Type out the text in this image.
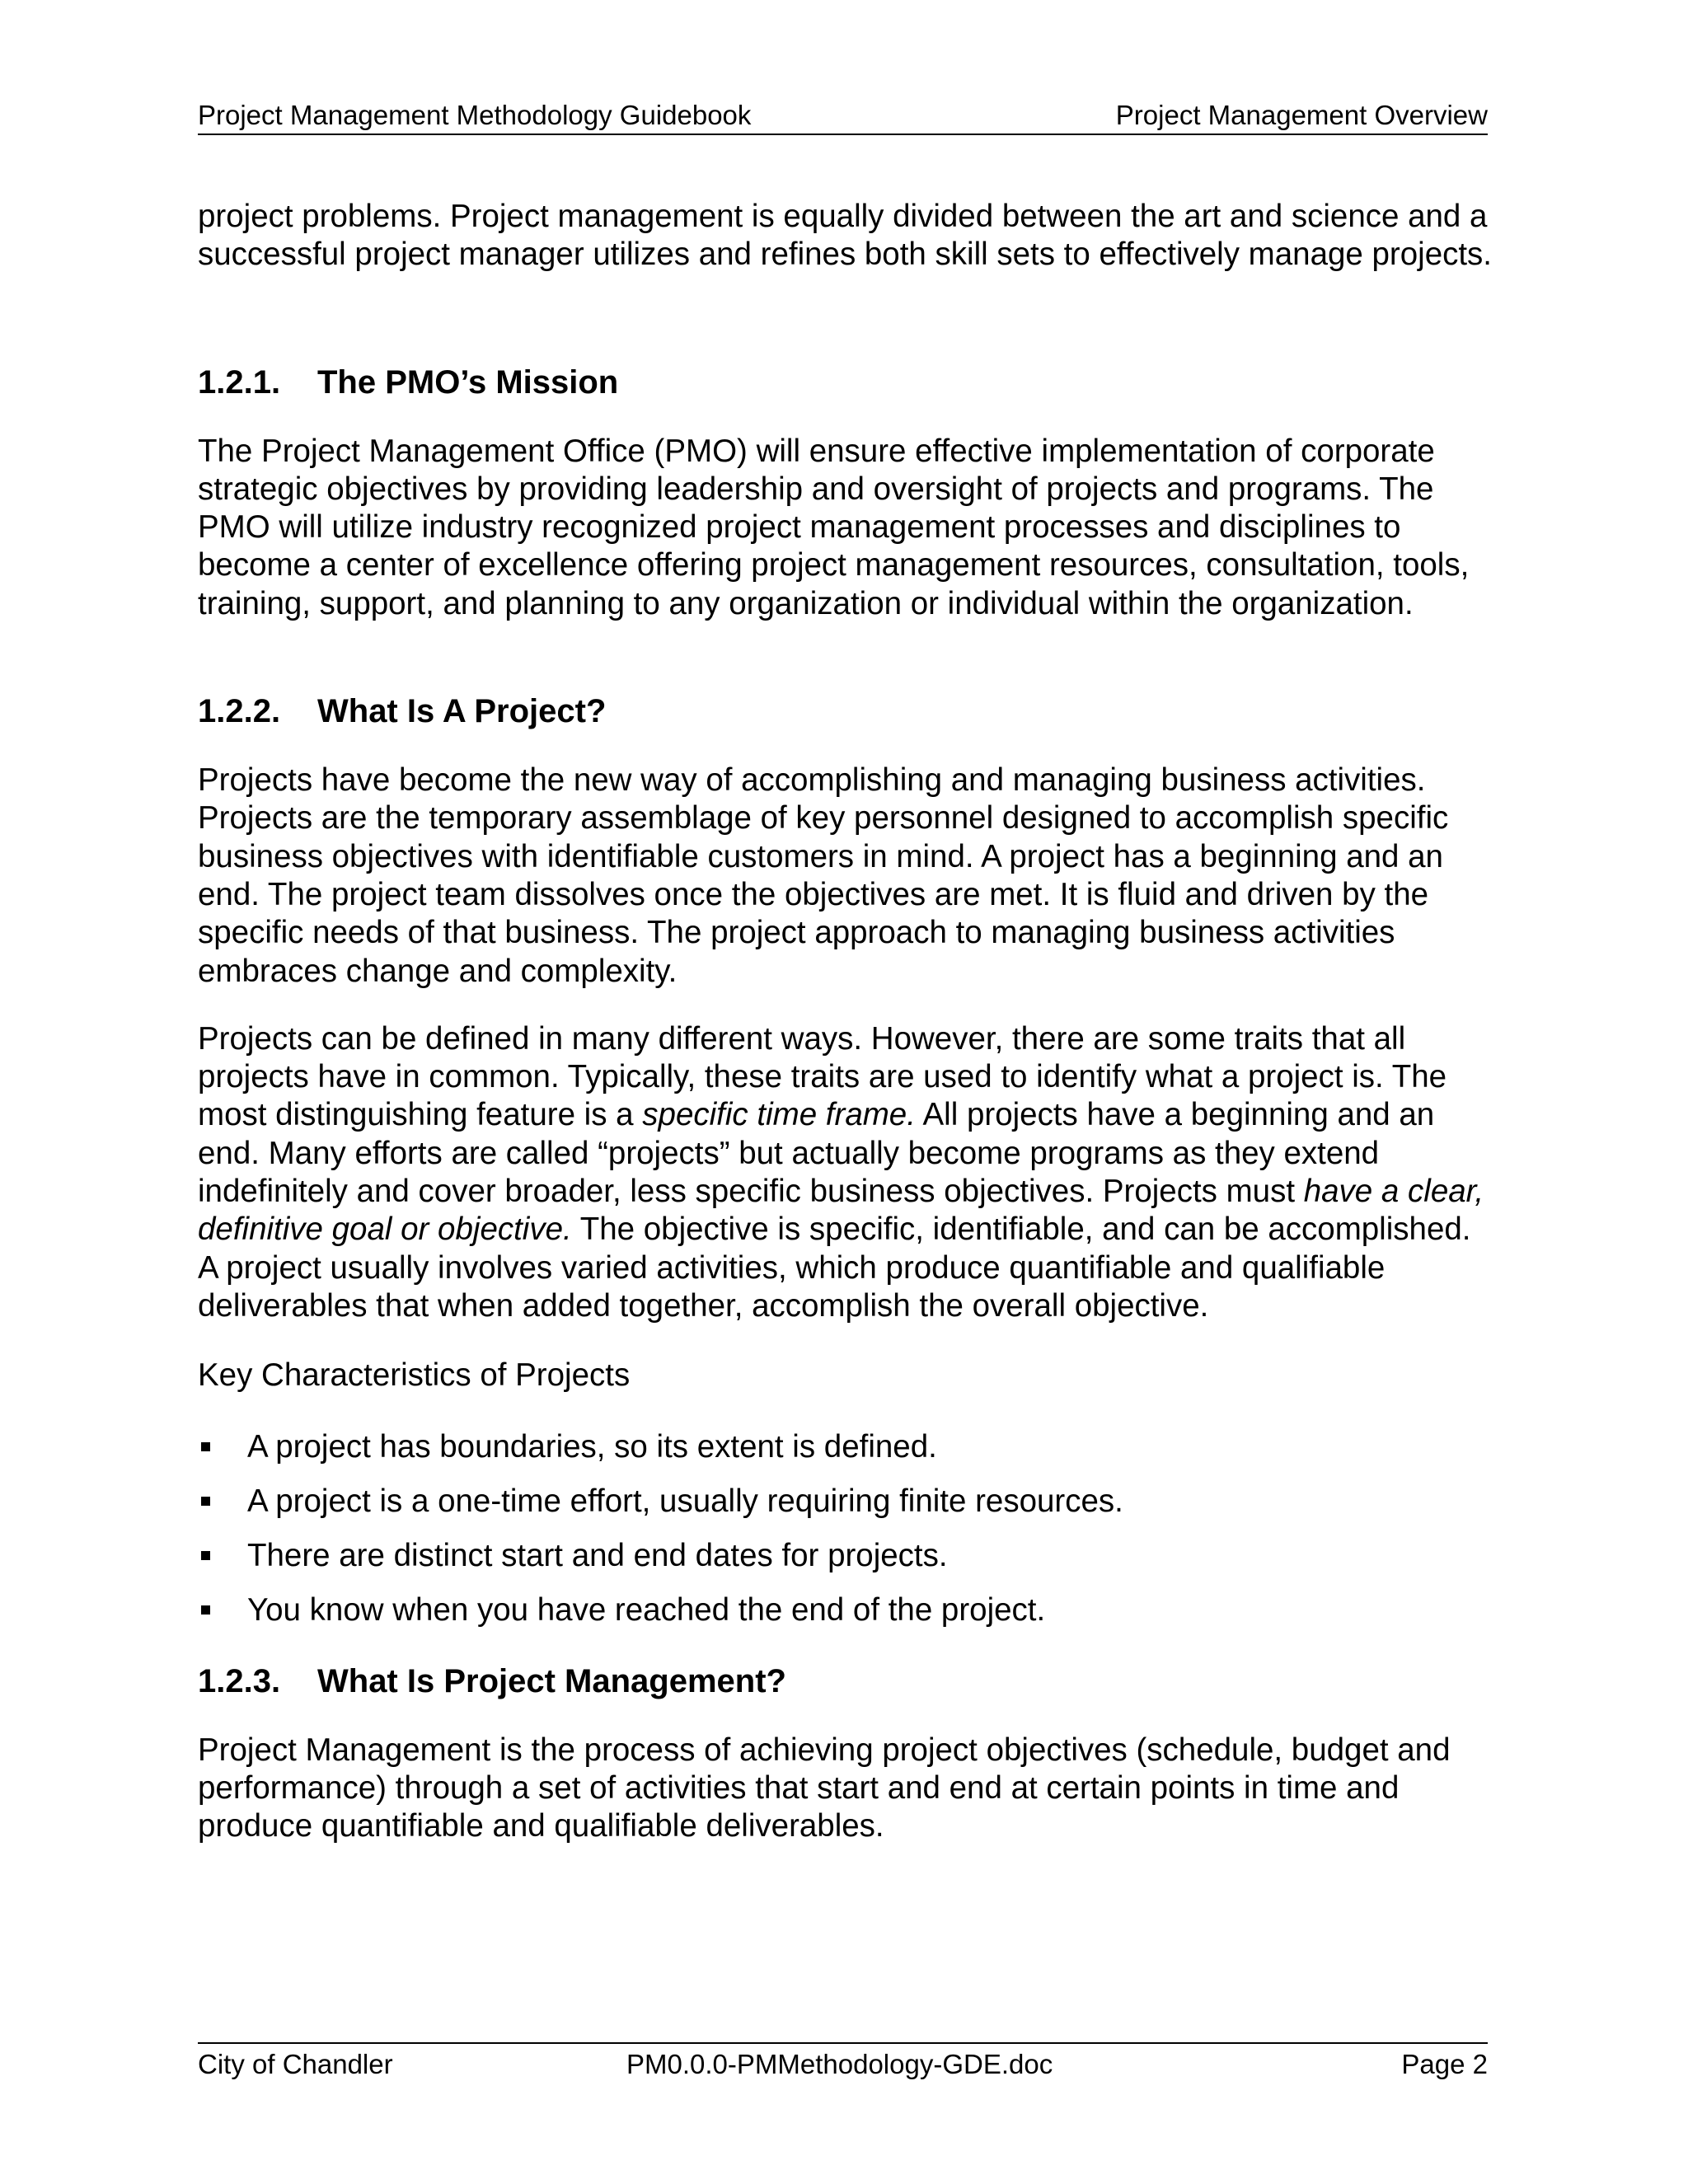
Project Management Methodology Guidebook	Project Management Overview

project problems. Project management is equally divided between the art and science and a successful project manager utilizes and refines both skill sets to effectively manage projects.

1.2.1. The PMO’s Mission

The Project Management Office (PMO) will ensure effective implementation of corporate strategic objectives by providing leadership and oversight of projects and programs. The PMO will utilize industry recognized project management processes and disciplines to become a center of excellence offering project management resources, consultation, tools, training, support, and planning to any organization or individual within the organization.

1.2.2. What Is A Project?

Projects have become the new way of accomplishing and managing business activities. Projects are the temporary assemblage of key personnel designed to accomplish specific business objectives with identifiable customers in mind. A project has a beginning and an end. The project team dissolves once the objectives are met. It is fluid and driven by the specific needs of that business. The project approach to managing business activities embraces change and complexity.

Projects can be defined in many different ways. However, there are some traits that all projects have in common. Typically, these traits are used to identify what a project is. The most distinguishing feature is a specific time frame. All projects have a beginning and an end. Many efforts are called “projects” but actually become programs as they extend indefinitely and cover broader, less specific business objectives. Projects must have a clear, definitive goal or objective. The objective is specific, identifiable, and can be accomplished. A project usually involves varied activities, which produce quantifiable and qualifiable deliverables that when added together, accomplish the overall objective.

Key Characteristics of Projects

A project has boundaries, so its extent is defined.
A project is a one-time effort, usually requiring finite resources.
There are distinct start and end dates for projects.
You know when you have reached the end of the project.
1.2.3. What Is Project Management?

Project Management is the process of achieving project objectives (schedule, budget and performance) through a set of activities that start and end at certain points in time and produce quantifiable and qualifiable deliverables.

City of Chandler	PM0.0.0-PMMethodology-GDE.doc	Page 2
